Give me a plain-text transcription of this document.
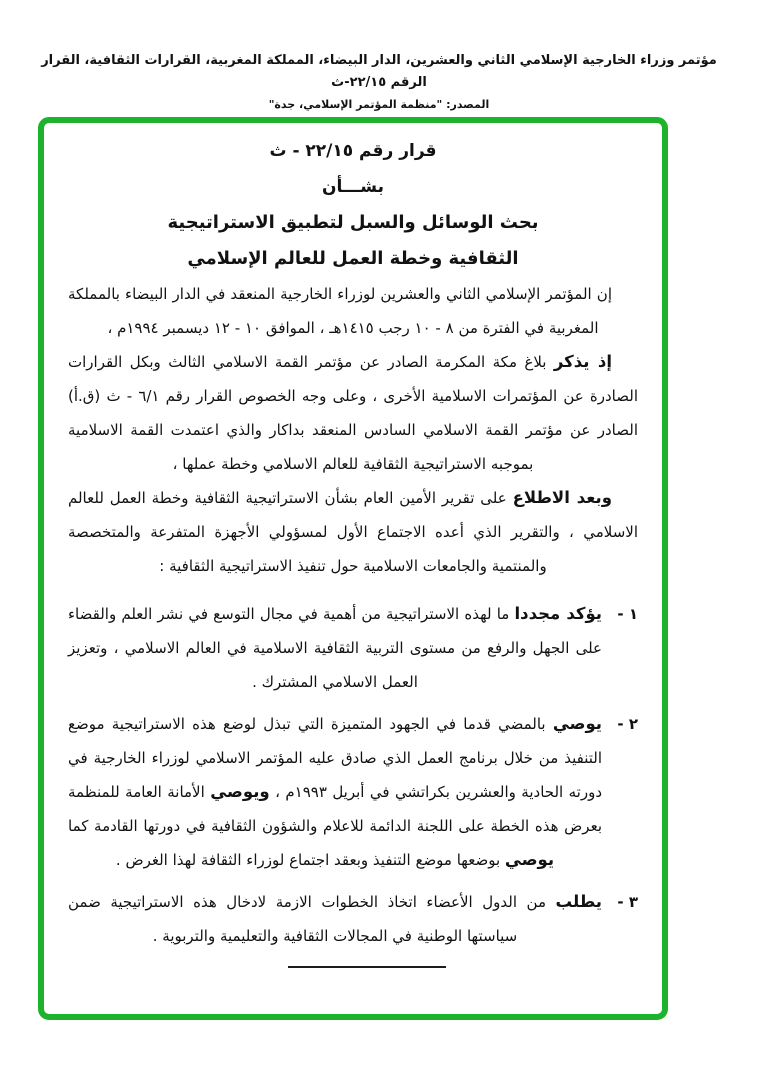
مؤتمر وزراء الخارجية الإسلامي الثاني والعشرين، الدار البيضاء، المملكة المغربية، القرارات الثقافية، القرار الرقم ٢٢/١٥-ث
المصدر: "منظمة المؤتمر الإسلامي، جدة"
قرار رقم ٢٢/١٥ - ث
بشـــأن
بحث الوسائل والسبل لتطبيق الاستراتيجية
الثقافية وخطة العمل للعالم الإسلامي

إن المؤتمر الإسلامي الثاني والعشرين لوزراء الخارجية المنعقد في الدار البيضاء بالمملكة المغربية في الفترة من ٨ - ١٠ رجب ١٤١٥هـ ، الموافق ١٠ - ١٢ ديسمبر ١٩٩٤م ،

إذ يذكر بلاغ مكة المكرمة الصادر عن مؤتمر القمة الاسلامي الثالث وبكل القرارات الصادرة عن المؤتمرات الاسلامية الأخرى ، وعلى وجه الخصوص القرار رقم ٦/١ - ث (ق.أ) الصادر عن مؤتمر القمة الاسلامي السادس المنعقد بداكار والذي اعتمدت القمة الاسلامية بموجبه الاستراتيجية الثقافية للعالم الاسلامي وخطة عملها ،

وبعد الاطلاع على تقرير الأمين العام بشأن الاستراتيجية الثقافية وخطة العمل للعالم الاسلامي ، والتقرير الذي أعده الاجتماع الأول لمسؤولي الأجهزة المتفرعة والمتخصصة والمنتمية والجامعات الاسلامية حول تنفيذ الاستراتيجية الثقافية :

١ -
يؤكد مجددا ما لهذه الاستراتيجية من أهمية في مجال التوسع في نشر العلم والقضاء على الجهل والرفع من مستوى التربية الثقافية الاسلامية في العالم الاسلامي ، وتعزيز العمل الاسلامي المشترك .
٢ -
يوصي بالمضي قدما في الجهود المتميزة التي تبذل لوضع هذه الاستراتيجية موضع التنفيذ من خلال برنامج العمل الذي صادق عليه المؤتمر الاسلامي لوزراء الخارجية في دورته الحادية والعشرين بكراتشي في أبريل ١٩٩٣م ، ويوصي الأمانة العامة للمنظمة بعرض هذه الخطة على اللجنة الدائمة للاعلام والشؤون الثقافية في دورتها القادمة كما يوصي بوضعها موضع التنفيذ وبعقد اجتماع لوزراء الثقافة لهذا الغرض .
٣ -
يطلب من الدول الأعضاء اتخاذ الخطوات الازمة لادخال هذه الاستراتيجية ضمن سياستها الوطنية في المجالات الثقافية والتعليمية والتربوية .
